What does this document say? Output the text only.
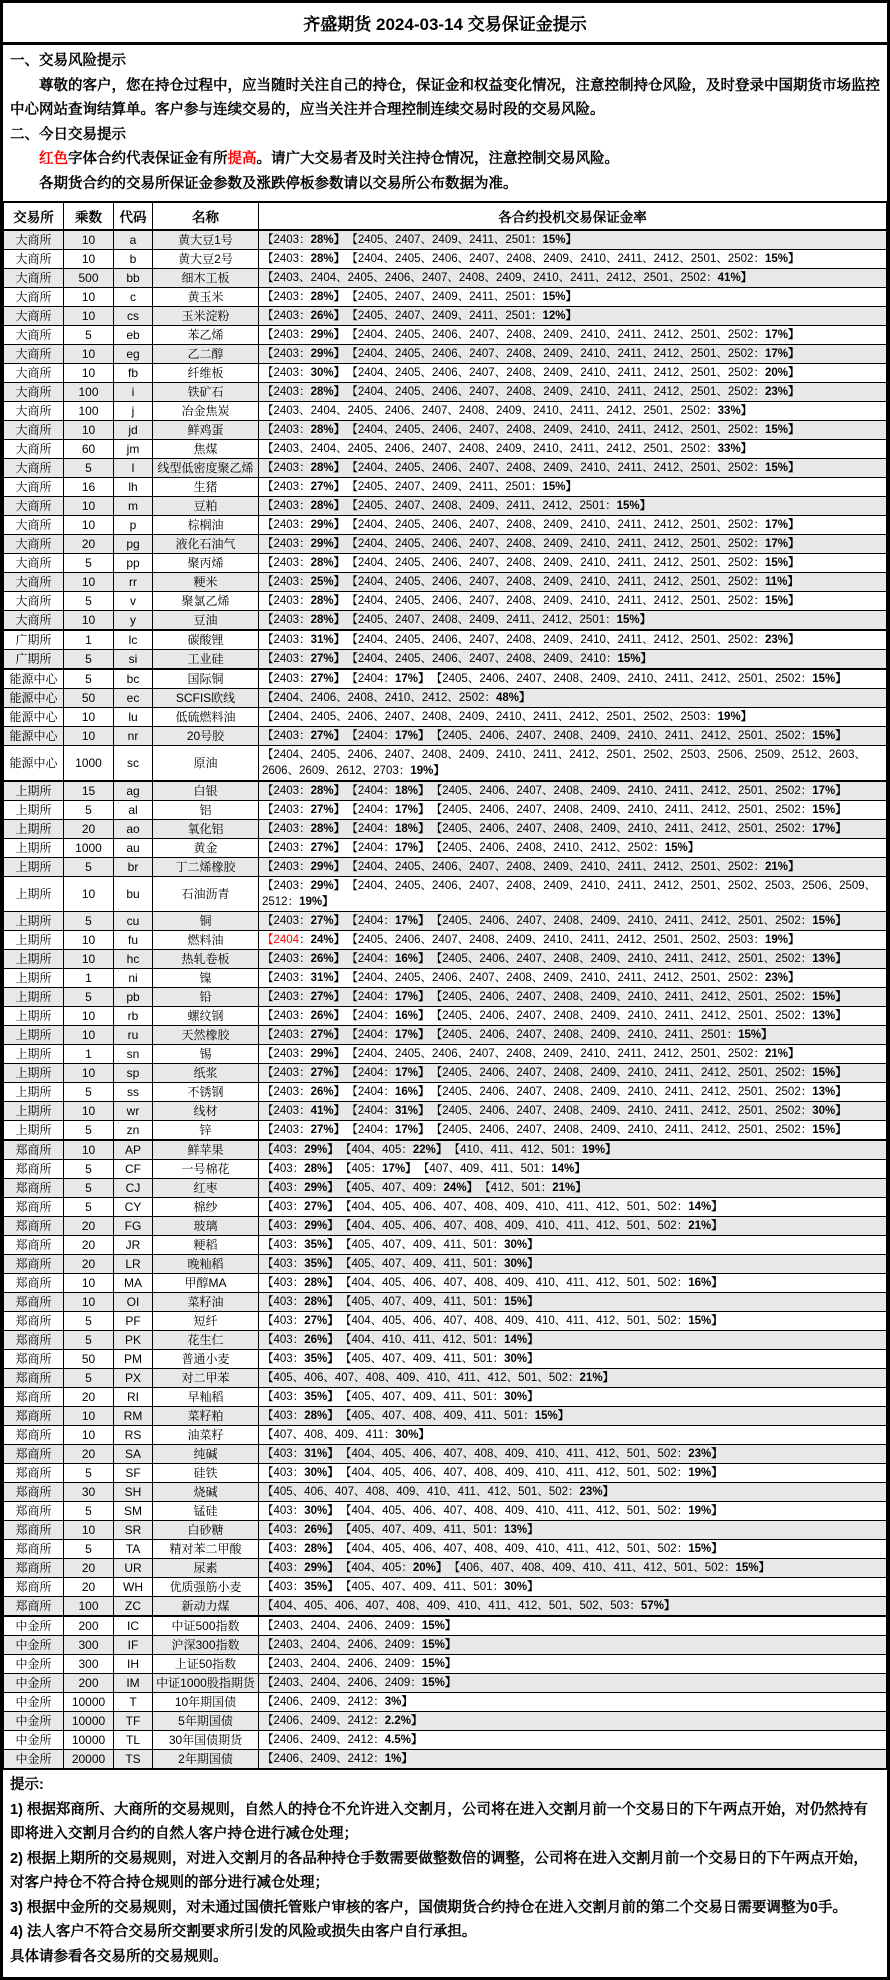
齐盛期货 2024-03-14 交易保证金提示

一、交易风险提示

尊敬的客户，您在持仓过程中，应当随时关注自己的持仓，保证金和权益变化情况，注意控制持仓风险，及时登录中国期货市场监控中心网站查询结算单。客户参与连续交易的，应当关注并合理控制连续交易时段的交易风险。

二、今日交易提示

红色字体合约代表保证金有所提高。请广大交易者及时关注持仓情况，注意控制交易风险。

各期货合约的交易所保证金参数及涨跌停板参数请以交易所公布数据为准。

交易所	乘数	代码	名称	各合约投机交易保证金率
大商所	10	a	黄大豆1号	【2403：28%】 【2405、2407、2409、2411、2501：15%】
大商所	10	b	黄大豆2号	【2403：28%】 【2404、2405、2406、2407、2408、2409、2410、2411、2412、2501、2502：15%】
大商所	500	bb	细木工板	【2403、2404、2405、2406、2407、2408、2409、2410、2411、2412、2501、2502：41%】
大商所	10	c	黄玉米	【2403：28%】 【2405、2407、2409、2411、2501：15%】
大商所	10	cs	玉米淀粉	【2403：26%】 【2405、2407、2409、2411、2501：12%】
大商所	5	eb	苯乙烯	【2403：29%】 【2404、2405、2406、2407、2408、2409、2410、2411、2412、2501、2502：17%】
大商所	10	eg	乙二醇	【2403：29%】 【2404、2405、2406、2407、2408、2409、2410、2411、2412、2501、2502：17%】
大商所	10	fb	纤维板	【2403：30%】 【2404、2405、2406、2407、2408、2409、2410、2411、2412、2501、2502：20%】
大商所	100	i	铁矿石	【2403：28%】 【2404、2405、2406、2407、2408、2409、2410、2411、2412、2501、2502：23%】
大商所	100	j	冶金焦炭	【2403、2404、2405、2406、2407、2408、2409、2410、2411、2412、2501、2502：33%】
大商所	10	jd	鲜鸡蛋	【2403：28%】 【2404、2405、2406、2407、2408、2409、2410、2411、2412、2501、2502：15%】
大商所	60	jm	焦煤	【2403、2404、2405、2406、2407、2408、2409、2410、2411、2412、2501、2502：33%】
大商所	5	l	线型低密度聚乙烯	【2403：28%】 【2404、2405、2406、2407、2408、2409、2410、2411、2412、2501、2502：15%】
大商所	16	lh	生猪	【2403：27%】 【2405、2407、2409、2411、2501：15%】
大商所	10	m	豆粕	【2403：28%】 【2405、2407、2408、2409、2411、2412、2501：15%】
大商所	10	p	棕榈油	【2403：29%】 【2404、2405、2406、2407、2408、2409、2410、2411、2412、2501、2502：17%】
大商所	20	pg	液化石油气	【2403：29%】 【2404、2405、2406、2407、2408、2409、2410、2411、2412、2501、2502：17%】
大商所	5	pp	聚丙烯	【2403：28%】 【2404、2405、2406、2407、2408、2409、2410、2411、2412、2501、2502：15%】
大商所	10	rr	粳米	【2403：25%】 【2404、2405、2406、2407、2408、2409、2410、2411、2412、2501、2502：11%】
大商所	5	v	聚氯乙烯	【2403：28%】 【2404、2405、2406、2407、2408、2409、2410、2411、2412、2501、2502：15%】
大商所	10	y	豆油	【2403：28%】 【2405、2407、2408、2409、2411、2412、2501：15%】
广期所	1	lc	碳酸锂	【2403：31%】 【2404、2405、2406、2407、2408、2409、2410、2411、2412、2501、2502：23%】
广期所	5	si	工业硅	【2403：27%】 【2404、2405、2406、2407、2408、2409、2410：15%】
能源中心	5	bc	国际铜	【2403：27%】 【2404：17%】 【2405、2406、2407、2408、2409、2410、2411、2412、2501、2502：15%】
能源中心	50	ec	SCFIS欧线	【2404、2406、2408、2410、2412、2502：48%】
能源中心	10	lu	低硫燃料油	【2404、2405、2406、2407、2408、2409、2410、2411、2412、2501、2502、2503：19%】
能源中心	10	nr	20号胶	【2403：27%】 【2404：17%】 【2405、2406、2407、2408、2409、2410、2411、2412、2501、2502：15%】
能源中心	1000	sc	原油	【2404、2405、2406、2407、2408、2409、2410、2411、2412、2501、2502、2503、2506、2509、2512、2603、2606、2609、2612、2703：19%】
上期所	15	ag	白银	【2403：28%】 【2404：18%】 【2405、2406、2407、2408、2409、2410、2411、2412、2501、2502：17%】
上期所	5	al	铝	【2403：27%】 【2404：17%】 【2405、2406、2407、2408、2409、2410、2411、2412、2501、2502：15%】
上期所	20	ao	氧化铝	【2403：28%】 【2404：18%】 【2405、2406、2407、2408、2409、2410、2411、2412、2501、2502：17%】
上期所	1000	au	黄金	【2403：27%】 【2404：17%】 【2405、2406、2408、2410、2412、2502：15%】
上期所	5	br	丁二烯橡胶	【2403：29%】 【2404、2405、2406、2407、2408、2409、2410、2411、2412、2501、2502：21%】
上期所	10	bu	石油沥青	【2403：29%】 【2404、2405、2406、2407、2408、2409、2410、2411、2412、2501、2502、2503、2506、2509、2512：19%】
上期所	5	cu	铜	【2403：27%】 【2404：17%】 【2405、2406、2407、2408、2409、2410、2411、2412、2501、2502：15%】
上期所	10	fu	燃料油	【2404：24%】 【2405、2406、2407、2408、2409、2410、2411、2412、2501、2502、2503：19%】
上期所	10	hc	热轧卷板	【2403：26%】 【2404：16%】 【2405、2406、2407、2408、2409、2410、2411、2412、2501、2502：13%】
上期所	1	ni	镍	【2403：31%】 【2404、2405、2406、2407、2408、2409、2410、2411、2412、2501、2502：23%】
上期所	5	pb	铅	【2403：27%】 【2404：17%】 【2405、2406、2407、2408、2409、2410、2411、2412、2501、2502：15%】
上期所	10	rb	螺纹钢	【2403：26%】 【2404：16%】 【2405、2406、2407、2408、2409、2410、2411、2412、2501、2502：13%】
上期所	10	ru	天然橡胶	【2403：27%】 【2404：17%】 【2405、2406、2407、2408、2409、2410、2411、2501：15%】
上期所	1	sn	锡	【2403：29%】 【2404、2405、2406、2407、2408、2409、2410、2411、2412、2501、2502：21%】
上期所	10	sp	纸浆	【2403：27%】 【2404：17%】 【2405、2406、2407、2408、2409、2410、2411、2412、2501、2502：15%】
上期所	5	ss	不锈钢	【2403：26%】 【2404：16%】 【2405、2406、2407、2408、2409、2410、2411、2412、2501、2502：13%】
上期所	10	wr	线材	【2403：41%】 【2404：31%】 【2405、2406、2407、2408、2409、2410、2411、2412、2501、2502：30%】
上期所	5	zn	锌	【2403：27%】 【2404：17%】 【2405、2406、2407、2408、2409、2410、2411、2412、2501、2502：15%】
郑商所	10	AP	鲜苹果	【403：29%】 【404、405：22%】 【410、411、412、501：19%】
郑商所	5	CF	一号棉花	【403：28%】 【405：17%】 【407、409、411、501：14%】
郑商所	5	CJ	红枣	【403：29%】 【405、407、409：24%】 【412、501：21%】
郑商所	5	CY	棉纱	【403：27%】 【404、405、406、407、408、409、410、411、412、501、502：14%】
郑商所	20	FG	玻璃	【403：29%】 【404、405、406、407、408、409、410、411、412、501、502：21%】
郑商所	20	JR	粳稻	【403：35%】 【405、407、409、411、501：30%】
郑商所	20	LR	晚籼稻	【403：35%】 【405、407、409、411、501：30%】
郑商所	10	MA	甲醇MA	【403：28%】 【404、405、406、407、408、409、410、411、412、501、502：16%】
郑商所	10	OI	菜籽油	【403：28%】 【405、407、409、411、501：15%】
郑商所	5	PF	短纤	【403：27%】 【404、405、406、407、408、409、410、411、412、501、502：15%】
郑商所	5	PK	花生仁	【403：26%】 【404、410、411、412、501：14%】
郑商所	50	PM	普通小麦	【403：35%】 【405、407、409、411、501：30%】
郑商所	5	PX	对二甲苯	【405、406、407、408、409、410、411、412、501、502：21%】
郑商所	20	RI	早籼稻	【403：35%】 【405、407、409、411、501：30%】
郑商所	10	RM	菜籽粕	【403：28%】 【405、407、408、409、411、501：15%】
郑商所	10	RS	油菜籽	【407、408、409、411：30%】
郑商所	20	SA	纯碱	【403：31%】 【404、405、406、407、408、409、410、411、412、501、502：23%】
郑商所	5	SF	硅铁	【403：30%】 【404、405、406、407、408、409、410、411、412、501、502：19%】
郑商所	30	SH	烧碱	【405、406、407、408、409、410、411、412、501、502：23%】
郑商所	5	SM	锰硅	【403：30%】 【404、405、406、407、408、409、410、411、412、501、502：19%】
郑商所	10	SR	白砂糖	【403：26%】 【405、407、409、411、501：13%】
郑商所	5	TA	精对苯二甲酸	【403：28%】 【404、405、406、407、408、409、410、411、412、501、502：15%】
郑商所	20	UR	尿素	【403：29%】 【404、405：20%】 【406、407、408、409、410、411、412、501、502：15%】
郑商所	20	WH	优质强筋小麦	【403：35%】 【405、407、409、411、501：30%】
郑商所	100	ZC	新动力煤	【404、405、406、407、408、409、410、411、412、501、502、503：57%】
中金所	200	IC	中证500指数	【2403、2404、2406、2409：15%】
中金所	300	IF	沪深300指数	【2403、2404、2406、2409：15%】
中金所	300	IH	上证50指数	【2403、2404、2406、2409：15%】
中金所	200	IM	中证1000股指期货	【2403、2404、2406、2409：15%】
中金所	10000	T	10年期国债	【2406、2409、2412：3%】
中金所	10000	TF	5年期国债	【2406、2409、2412：2.2%】
中金所	10000	TL	30年国债期货	【2406、2409、2412：4.5%】
中金所	20000	TS	2年期国债	【2406、2409、2412：1%】

提示:

1) 根据郑商所、大商所的交易规则，自然人的持仓不允许进入交割月，公司将在进入交割月前一个交易日的下午两点开始，对仍然持有即将进入交割月合约的自然人客户持仓进行减仓处理；

2) 根据上期所的交易规则，对进入交割月的各品种持仓手数需要做整数倍的调整，公司将在进入交割月前一个交易日的下午两点开始，对客户持仓不符合持仓规则的部分进行减仓处理；

3) 根据中金所的交易规则，对未通过国债托管账户审核的客户，国债期货合约持仓在进入交割月前的第二个交易日需要调整为0手。

4) 法人客户不符合交易所交割要求所引发的风险或损失由客户自行承担。

具体请参看各交易所的交易规则。
